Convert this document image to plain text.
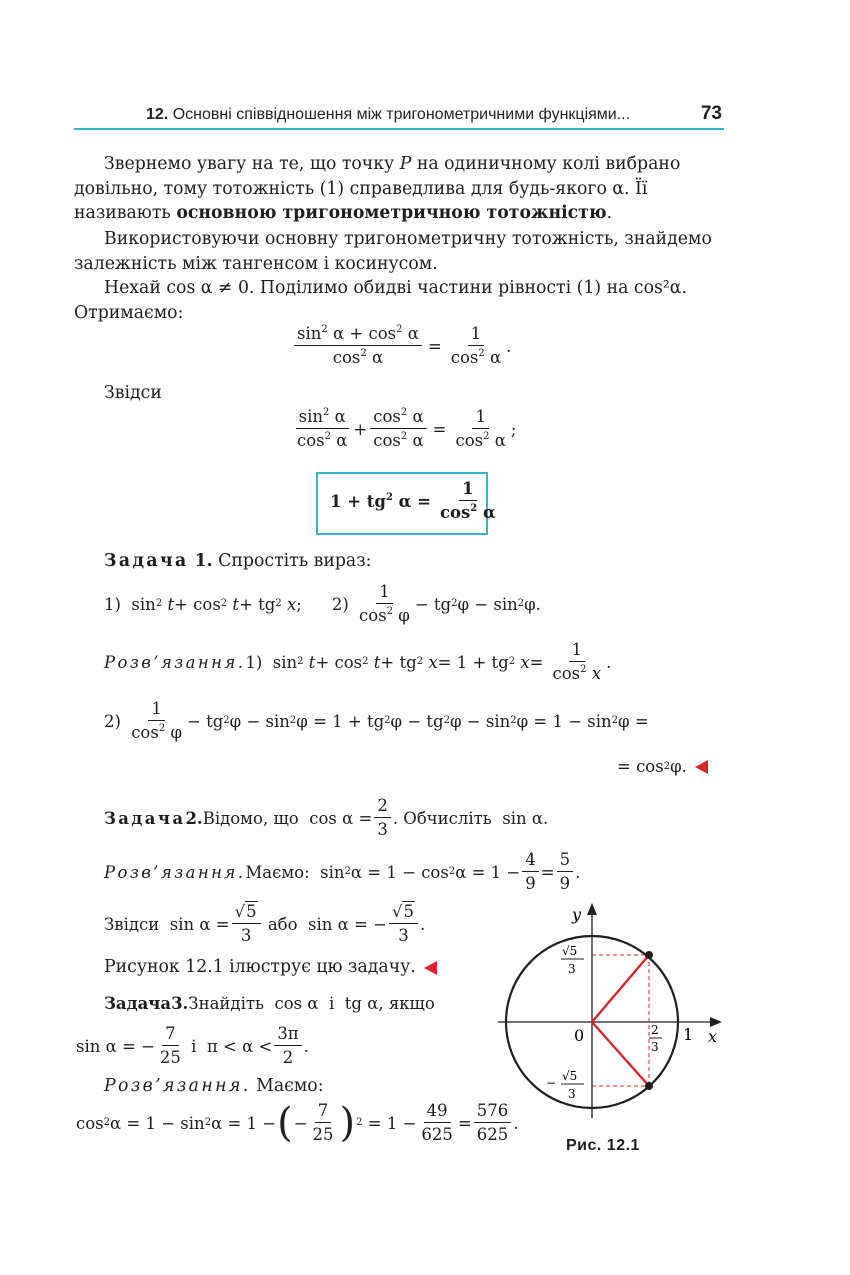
12. Основні співвідношення між тригонометричними функціями...	73

Звернемо увагу на те, що точку P на одиничному колі вибрано довільно, тому тотожність (1) справедлива для будь-якого α. Її називають основною тригонометричною тотожністю.

Використовуючи основну тригонометричну тотожність, знайдемо залежність між тангенсом і косинусом.

Нехай cos α ≠ 0. Поділимо обидві частини рівності (1) на cos²α. Отримаємо:

$\frac{\sin^2 \alpha + \cos^2 \alpha}{\cos^2 \alpha} = \frac{1}{\cos^2 \alpha}$ .
Звідси
$\sin^2 \alpha$
$\cos^2 \alpha$
+ $\frac{\cos^2 \alpha}{\cos^2 \alpha} = \frac{1}{\cos^2 \alpha}$ ;
$1 + tg^2$ $\alpha = \frac{1}{\cos^2 \alpha}$
Задача 1. Спростіть вираз:
1) sin 2
t + cos 2
t + tg 2
x ; 2)

1
$\cos^2 \varphi$
− tg 2 φ − sin 2 φ.
Розв’язання. 1) sin 2
t + cos 2
t + tg 2
x = 1 + tg 2
x =
1
$\cos^2 x$
.
2)

1
$\cos^2 \varphi$
− tg 2 φ − sin 2 φ = 1 + tg 2 φ − tg 2 φ − sin 2 φ = 1 − sin 2 φ =
= cos 2 φ.
Задача 2. Відомо, що cos α =
2
3
. Обчисліть sin α.
Розв’язання. Маємо: sin 2 α = 1 − cos 2 α = 1 −
4
9
=
5
9
.
Звідси sin α =
√5
3

або sin α = −
√5
3
.
Рисунок 12.1 ілюструє цю задачу.
Задача 3. Знайдіть cos α і tg α , якщо
sin α = −
7
25

і π < α <
3π
2
.
Розв’язання. Маємо:
cos 2 α = 1 − sin 2 α = 1 − ( −
7
25 ) 2 = 1 −
49
625
=
576
625
.
y
x
0	1
√5
3
− √5
3
2
3
Рис. 12.1
